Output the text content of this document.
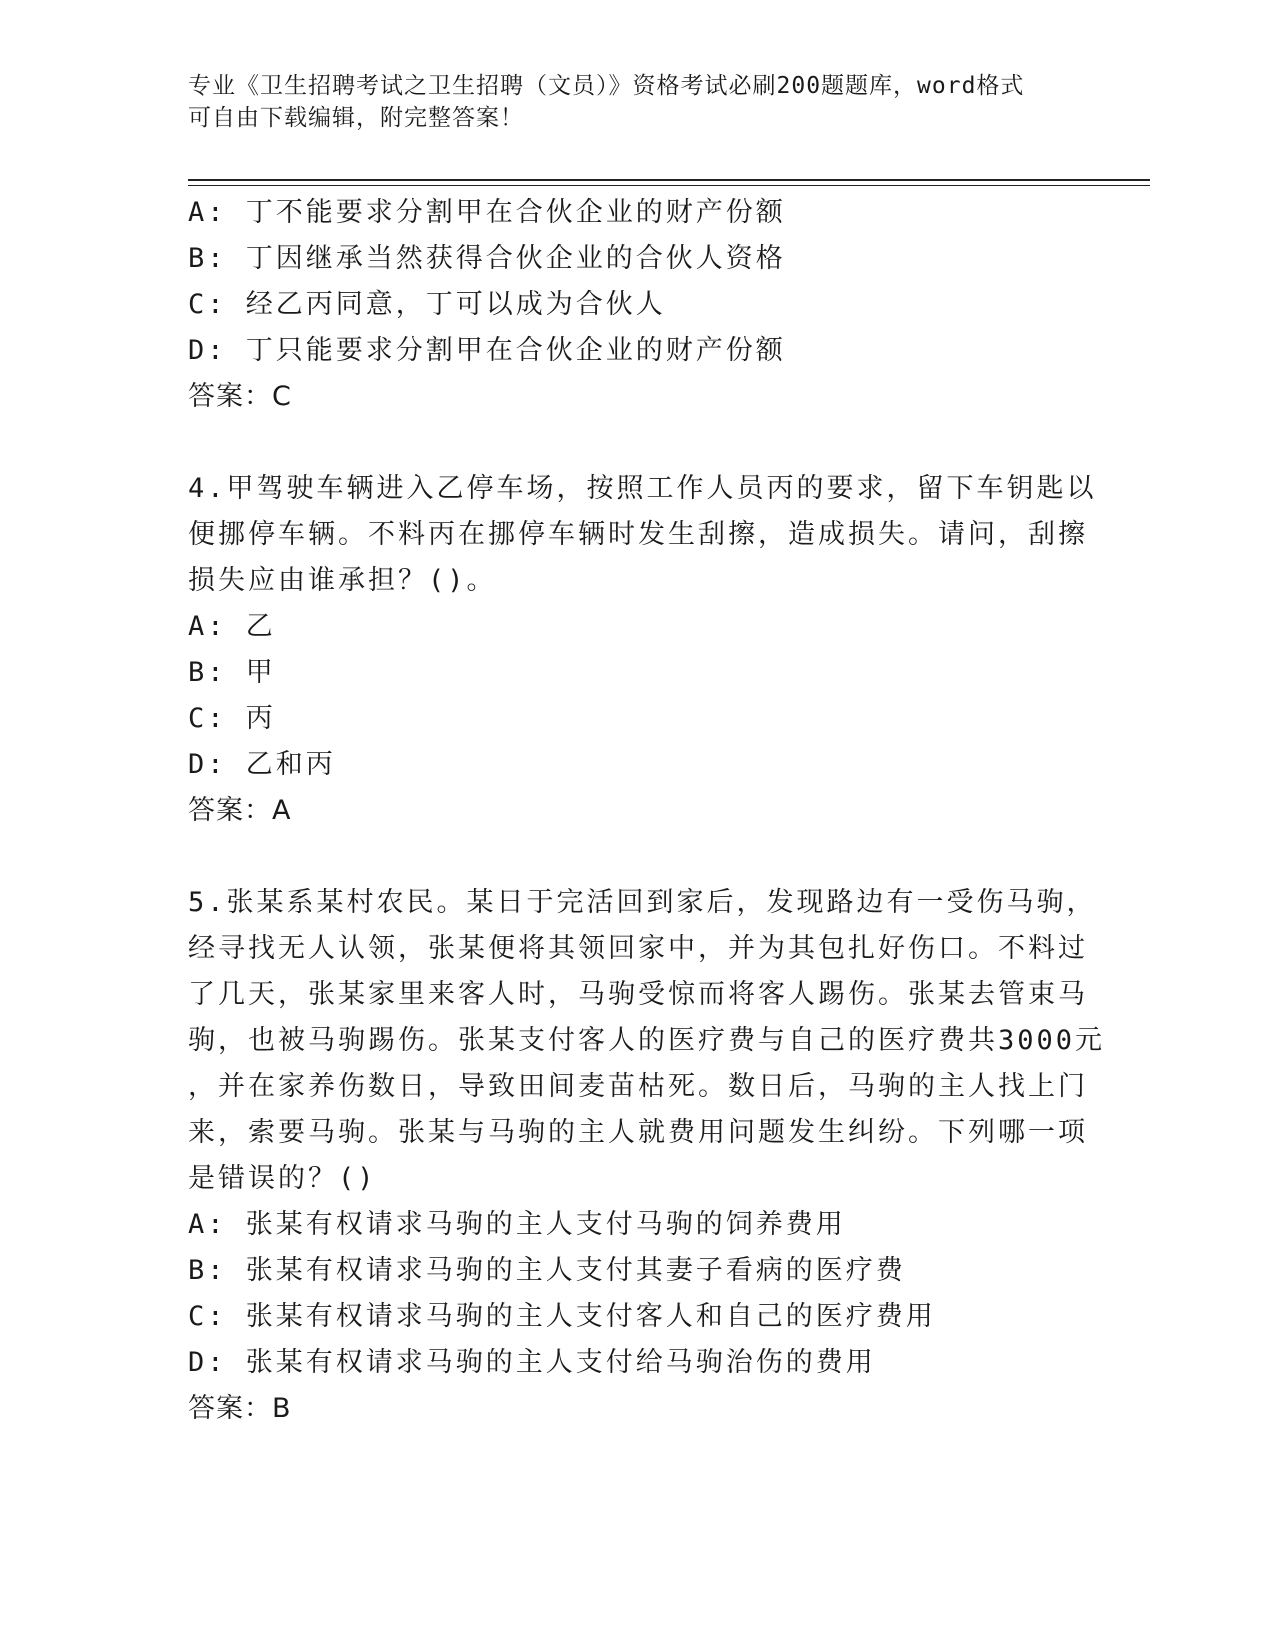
专业《卫生招聘考试之卫生招聘（文员）》资格考试必刷200题题库，word格式

可自由下载编辑，附完整答案！

A: 丁不能要求分割甲在合伙企业的财产份额
B: 丁因继承当然获得合伙企业的合伙人资格
C: 经乙丙同意，丁可以成为合伙人
D: 丁只能要求分割甲在合伙企业的财产份额
答案：C
4.甲驾驶车辆进入乙停车场，按照工作人员丙的要求，留下车钥匙以
便挪停车辆。不料丙在挪停车辆时发生刮擦，造成损失。请问，刮擦
损失应由谁承担？()。
A: 乙
B: 甲
C: 丙
D: 乙和丙
答案：A
5.张某系某村农民。某日于完活回到家后，发现路边有一受伤马驹，
经寻找无人认领，张某便将其领回家中，并为其包扎好伤口。不料过
了几天，张某家里来客人时，马驹受惊而将客人踢伤。张某去管束马
驹，也被马驹踢伤。张某支付客人的医疗费与自己的医疗费共3000元
，并在家养伤数日，导致田间麦苗枯死。数日后，马驹的主人找上门
来，索要马驹。张某与马驹的主人就费用问题发生纠纷。下列哪一项
是错误的？()
A: 张某有权请求马驹的主人支付马驹的饲养费用
B: 张某有权请求马驹的主人支付其妻子看病的医疗费
C: 张某有权请求马驹的主人支付客人和自己的医疗费用
D: 张某有权请求马驹的主人支付给马驹治伤的费用
答案：B
